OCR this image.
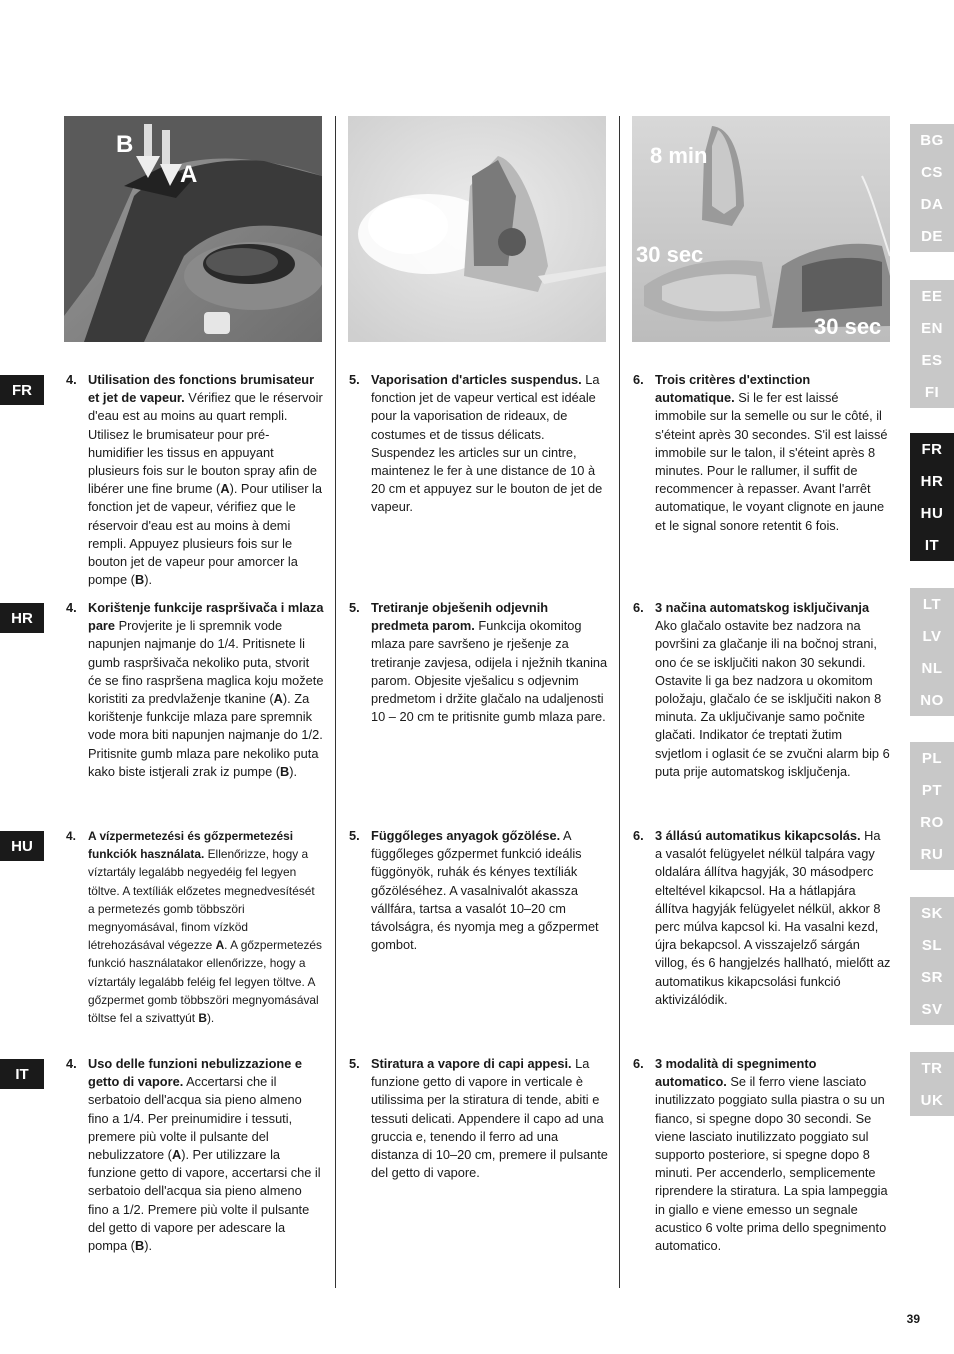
B
A
8 min
30 sec
30 sec
FR
HR
HU
IT
4. Utilisation des fonctions brumisateur et jet de vapeur. Vérifiez que le réservoir d'eau est au moins au quart rempli. Utilisez le brumisateur pour pré-humidifier les tissus en appuyant plusieurs fois sur le bouton spray afin de libérer une fine brume (A). Pour utiliser la fonction jet de vapeur, vérifiez que le réservoir d'eau est au moins à demi rempli. Appuyez plusieurs fois sur le bouton jet de vapeur pour amorcer la pompe (B).
5. Vaporisation d'articles suspendus. La fonction jet de vapeur vertical est idéale pour la vaporisation de rideaux, de costumes et de tissus délicats. Suspendez les articles sur un cintre, maintenez le fer à une distance de 10 à 20 cm et appuyez sur le bouton de jet de vapeur.
6. Trois critères d'extinction automatique. Si le fer est laissé immobile sur la semelle ou sur le côté, il s'éteint après 30 secondes. S'il est laissé immobile sur le talon, il s'éteint après 8 minutes. Pour le rallumer, il suffit de recommencer à repasser. Avant l'arrêt automatique, le voyant clignote en jaune et le signal sonore retentit 6 fois.
4. Korištenje funkcije raspršivača i mlaza pare Provjerite je li spremnik vode napunjen najmanje do 1/4. Pritisnete li gumb raspršivača nekoliko puta, stvorit će se fino raspršena maglica koju možete koristiti za predvlaženje tkanine (A). Za korištenje funkcije mlaza pare spremnik vode mora biti napunjen najmanje do 1/2. Pritisnite gumb mlaza pare nekoliko puta kako biste istjerali zrak iz pumpe (B).
5. Tretiranje obješenih odjevnih predmeta parom. Funkcija okomitog mlaza pare savršeno je rješenje za tretiranje zavjesa, odijela i nježnih tkanina parom. Objesite vješalicu s odjevnim predmetom i držite glačalo na udaljenosti 10 – 20 cm te pritisnite gumb mlaza pare.
6. 3 načina automatskog isključivanja Ako glačalo ostavite bez nadzora na površini za glačanje ili na bočnoj strani, ono će se isključiti nakon 30 sekundi. Ostavite li ga bez nadzora u okomitom položaju, glačalo će se isključiti nakon 8 minuta. Za uključivanje samo počnite glačati. Indikator će treptati žutim svjetlom i oglasit će se zvučni alarm bip 6 puta prije automatskog isključenja.
4. A vízpermetezési és gőzpermetezési funkciók használata. Ellenőrizze, hogy a víztartály legalább negyedéig fel legyen töltve. A textíliák előzetes megnedvesítését a permetezés gomb többszöri megnyomásával, finom vízköd létrehozásával végezze A. A gőzpermetezés funkció használatakor ellenőrizze, hogy a víztartály legalább feléig fel legyen töltve. A gőzpermet gomb többszöri megnyomásával töltse fel a szivattyút B).
5. Függőleges anyagok gőzölése. A függőleges gőzpermet funkció ideális függönyök, ruhák és kényes textíliák gőzöléséhez. A vasalnivalót akassza vállfára, tartsa a vasalót 10–20 cm távolságra, és nyomja meg a gőzpermet gombot.
6. 3 állású automatikus kikapcsolás. Ha a vasalót felügyelet nélkül talpára vagy oldalára állítva hagyják, 30 másodperc elteltével kikapcsol. Ha a hátlapjára állítva hagyják felügyelet nélkül, akkor 8 perc múlva kapcsol ki. Ha vasalni kezd, újra bekapcsol. A visszajelző sárgán villog, és 6 hangjelzés hallható, mielőtt az automatikus kikapcsolási funkció aktivizálódik.
4. Uso delle funzioni nebulizzazione e getto di vapore. Accertarsi che il serbatoio dell'acqua sia pieno almeno fino a 1/4. Per preinumidire i tessuti, premere più volte il pulsante del nebulizzatore (A). Per utilizzare la funzione getto di vapore, accertarsi che il serbatoio dell'acqua sia pieno almeno fino a 1/2. Premere più volte il pulsante del getto di vapore per adescare la pompa (B).
5. Stiratura a vapore di capi appesi. La funzione getto di vapore in verticale è utilissima per la stiratura di tende, abiti e tessuti delicati. Appendere il capo ad una gruccia e, tenendo il ferro ad una distanza di 10–20 cm, premere il pulsante del getto di vapore.
6. 3 modalità di spegnimento automatico. Se il ferro viene lasciato inutilizzato poggiato sulla piastra o su un fianco, si spegne dopo 30 secondi. Se viene lasciato inutilizzato poggiato sul supporto posteriore, si spegne dopo 8 minuti. Per accenderlo, semplicemente riprendere la stiratura. La spia lampeggia in giallo e viene emesso un segnale acustico 6 volte prima dello spegnimento automatico.
BG
CS
DA
DE
EE
EN
ES
FI
FR
HR
HU
IT
LT
LV
NL
NO
PL
PT
RO
RU
SK
SL
SR
SV
TR
UK
39
